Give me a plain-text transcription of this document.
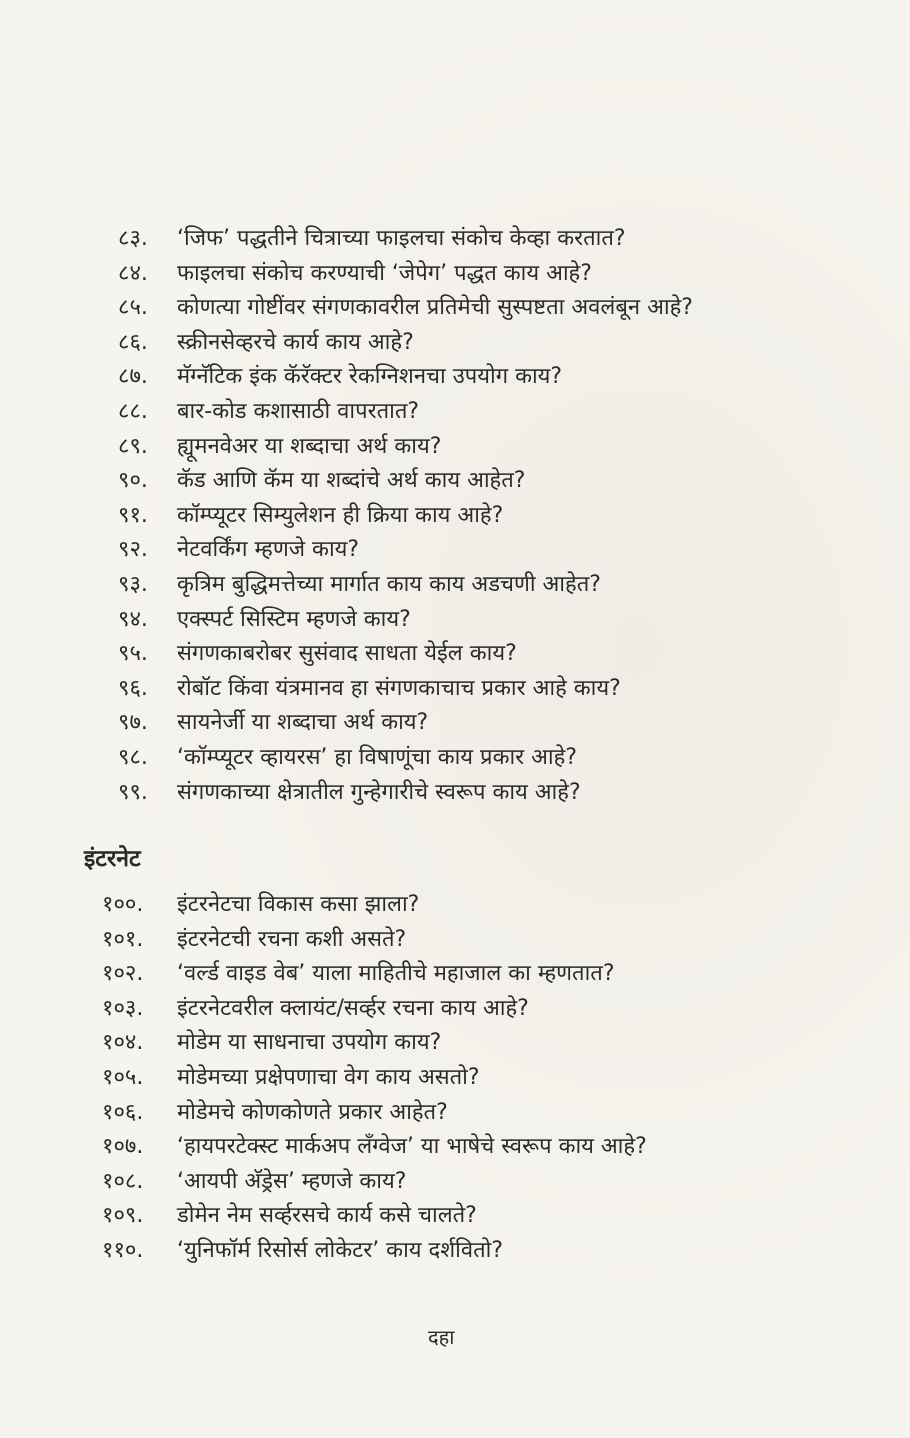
८३. ‘जिफ’ पद्धतीने चित्राच्या फाइलचा संकोच केव्हा करतात?
८४. फाइलचा संकोच करण्याची ‘जेपेग’ पद्धत काय आहे?
८५. कोणत्या गोष्टींवर संगणकावरील प्रतिमेची सुस्पष्टता अवलंबून आहे?
८६. स्क्रीनसेव्हरचे कार्य काय आहे?
८७. मॅग्नॅटिक इंक कॅरॅक्टर रेकग्निशनचा उपयोग काय?
८८. बार-कोड कशासाठी वापरतात?
८९. ह्यूमनवेअर या शब्दाचा अर्थ काय?
९०. कॅड आणि कॅम या शब्दांचे अर्थ काय आहेत?
९१. कॉम्प्यूटर सिम्युलेशन ही क्रिया काय आहे?
९२. नेटवर्किंग म्हणजे काय?
९३. कृत्रिम बुद्धिमत्तेच्या मार्गात काय काय अडचणी आहेत?
९४. एक्स्पर्ट सिस्टिम म्हणजे काय?
९५. संगणकाबरोबर सुसंवाद साधता येईल काय?
९६. रोबॉट किंवा यंत्रमानव हा संगणकाचाच प्रकार आहे काय?
९७. सायनेर्जी या शब्दाचा अर्थ काय?
९८. ‘कॉम्प्यूटर व्हायरस’ हा विषाणूंचा काय प्रकार आहे?
९९. संगणकाच्या क्षेत्रातील गुन्हेगारीचे स्वरूप काय आहे?
इंटरनेट
१००. इंटरनेटचा विकास कसा झाला?
१०१. इंटरनेटची रचना कशी असते?
१०२. ‘वर्ल्ड वाइड वेब’ याला माहितीचे महाजाल का म्हणतात?
१०३. इंटरनेटवरील क्लायंट/सर्व्हर रचना काय आहे?
१०४. मोडेम या साधनाचा उपयोग काय?
१०५. मोडेमच्या प्रक्षेपणाचा वेग काय असतो?
१०६. मोडेमचे कोणकोणते प्रकार आहेत?
१०७. ‘हायपरटेक्स्ट मार्कअप लॅंग्वेज’ या भाषेचे स्वरूप काय आहे?
१०८. ‘आयपी अ‍ॅड्रेस’ म्हणजे काय?
१०९. डोमेन नेम सर्व्हरसचे कार्य कसे चालते?
११०. ‘युनिफॉर्म रिसोर्स लोकेटर’ काय दर्शवितो?
दहा
